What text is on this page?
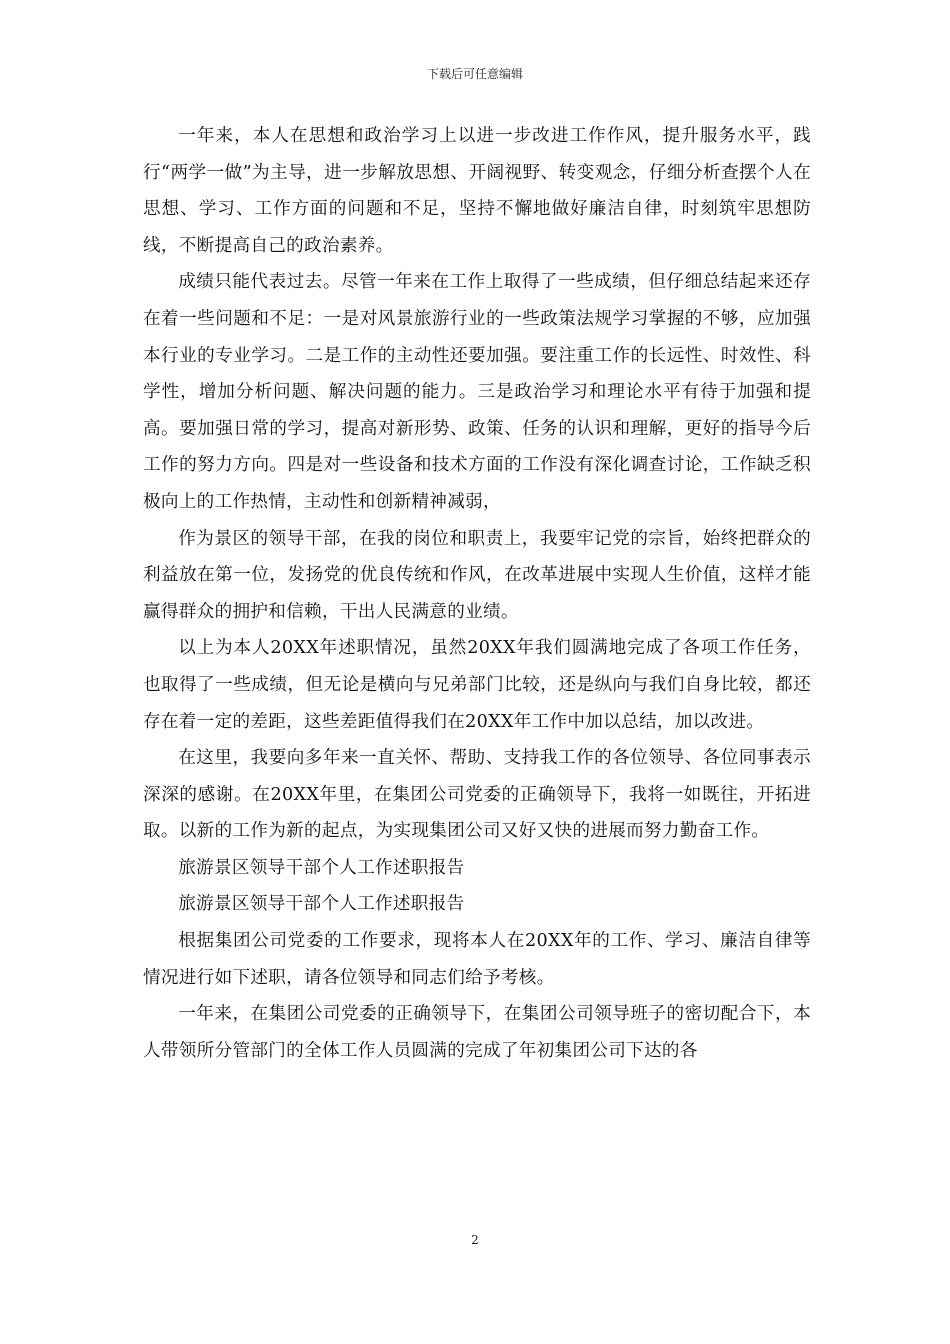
下载后可任意编辑

一年来，本人在思想和政治学习上以进一步改进工作作风，提升服务水平，践行“两学一做”为主导，进一步解放思想、开阔视野、转变观念，仔细分析查摆个人在思想、学习、工作方面的问题和不足，坚持不懈地做好廉洁自律，时刻筑牢思想防线，不断提高自己的政治素养。

成绩只能代表过去。尽管一年来在工作上取得了一些成绩，但仔细总结起来还存在着一些问题和不足：一是对风景旅游行业的一些政策法规学习掌握的不够，应加强本行业的专业学习。二是工作的主动性还要加强。要注重工作的长远性、时效性、科学性，增加分析问题、解决问题的能力。三是政治学习和理论水平有待于加强和提高。要加强日常的学习，提高对新形势、政策、任务的认识和理解，更好的指导今后工作的努力方向。四是对一些设备和技术方面的工作没有深化调查讨论，工作缺乏积极向上的工作热情，主动性和创新精神减弱，

作为景区的领导干部，在我的岗位和职责上，我要牢记党的宗旨，始终把群众的利益放在第一位，发扬党的优良传统和作风，在改革进展中实现人生价值，这样才能赢得群众的拥护和信赖，干出人民满意的业绩。

以上为本人20XX年述职情况，虽然20XX年我们圆满地完成了各项工作任务，也取得了一些成绩，但无论是横向与兄弟部门比较，还是纵向与我们自身比较，都还存在着一定的差距，这些差距值得我们在20XX年工作中加以总结，加以改进。

在这里，我要向多年来一直关怀、帮助、支持我工作的各位领导、各位同事表示深深的感谢。在20XX年里，在集团公司党委的正确领导下，我将一如既往，开拓进取。以新的工作为新的起点，为实现集团公司又好又快的进展而努力勤奋工作。

旅游景区领导干部个人工作述职报告

旅游景区领导干部个人工作述职报告

根据集团公司党委的工作要求，现将本人在20XX年的工作、学习、廉洁自律等情况进行如下述职，请各位领导和同志们给予考核。

一年来，在集团公司党委的正确领导下，在集团公司领导班子的密切配合下，本人带领所分管部门的全体工作人员圆满的完成了年初集团公司下达的各

2
